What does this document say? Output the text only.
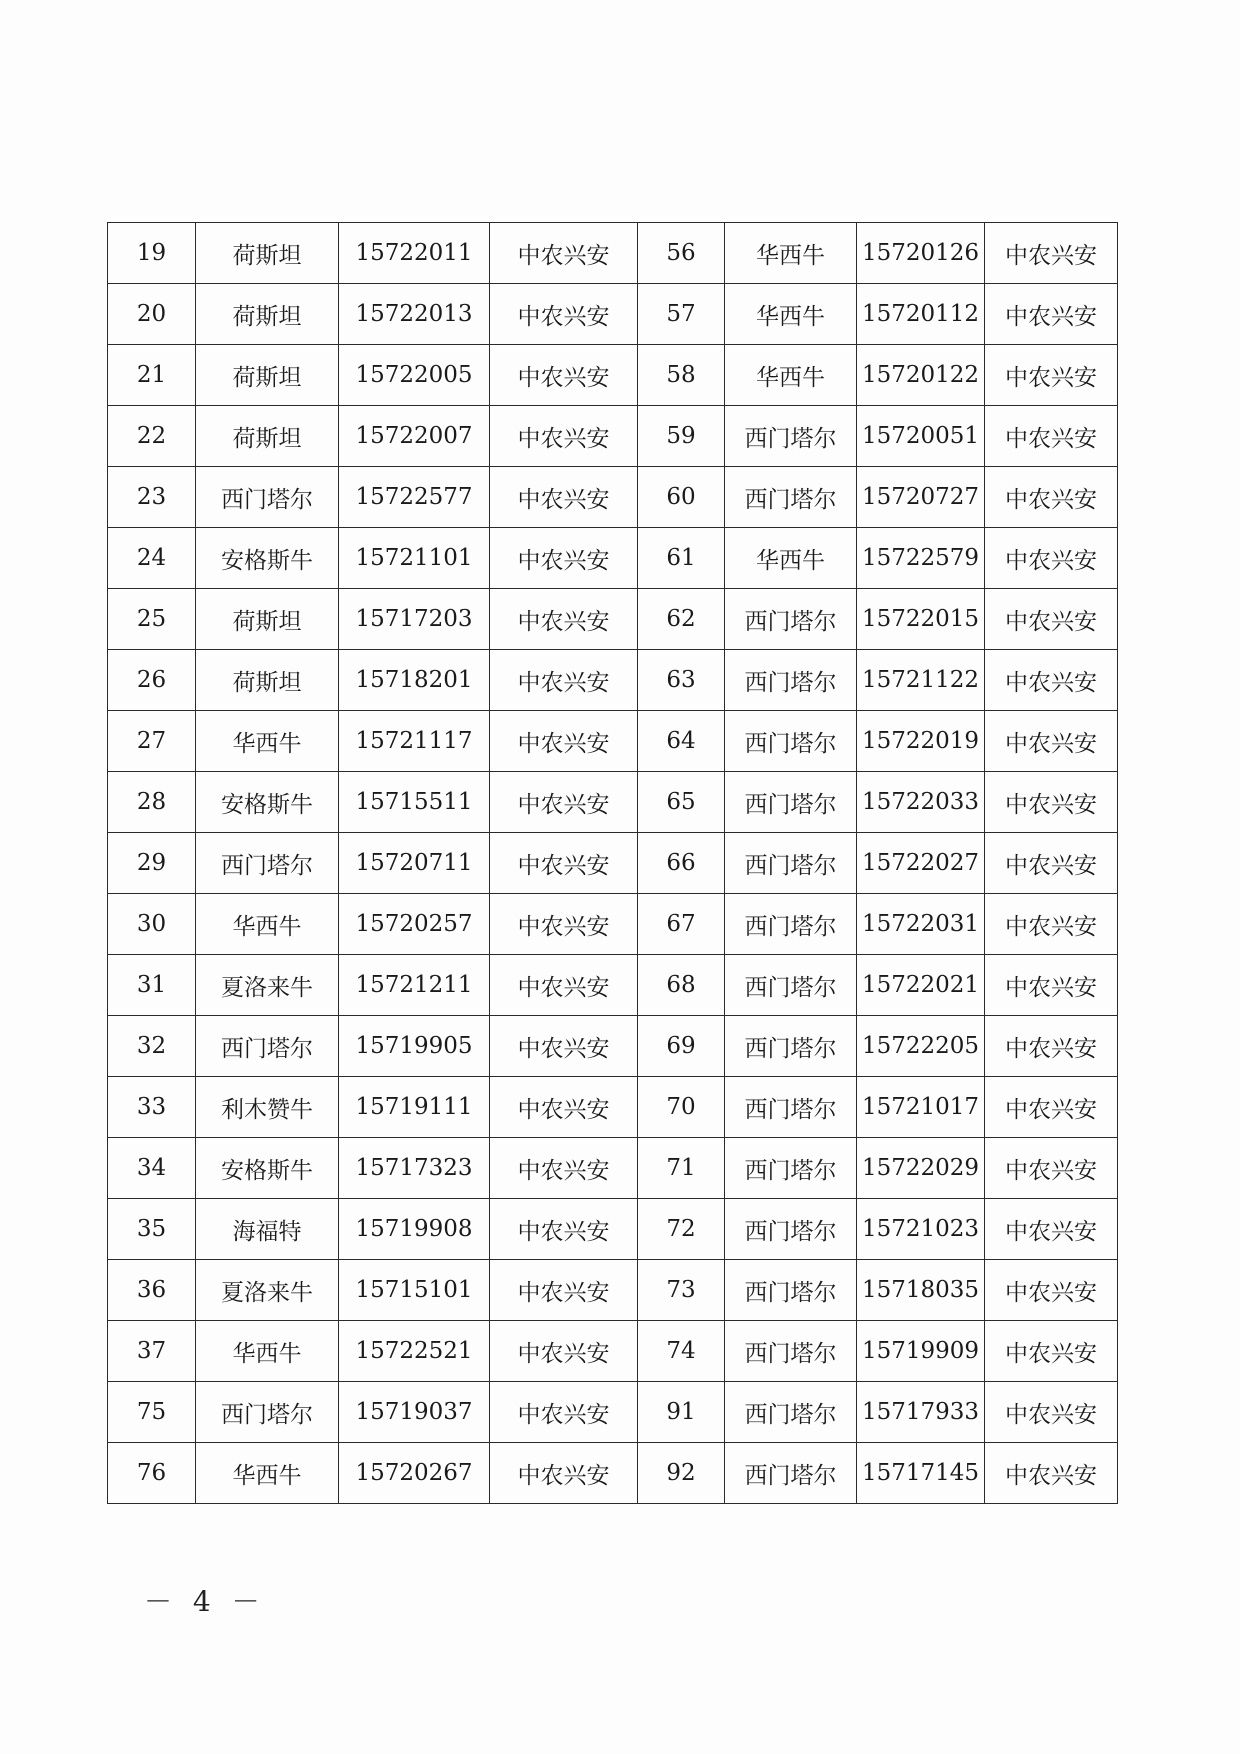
19	荷斯坦	15722011	中农兴安	56	华西牛	15720126	中农兴安
20	荷斯坦	15722013	中农兴安	57	华西牛	15720112	中农兴安
21	荷斯坦	15722005	中农兴安	58	华西牛	15720122	中农兴安
22	荷斯坦	15722007	中农兴安	59	西门塔尔	15720051	中农兴安
23	西门塔尔	15722577	中农兴安	60	西门塔尔	15720727	中农兴安
24	安格斯牛	15721101	中农兴安	61	华西牛	15722579	中农兴安
25	荷斯坦	15717203	中农兴安	62	西门塔尔	15722015	中农兴安
26	荷斯坦	15718201	中农兴安	63	西门塔尔	15721122	中农兴安
27	华西牛	15721117	中农兴安	64	西门塔尔	15722019	中农兴安
28	安格斯牛	15715511	中农兴安	65	西门塔尔	15722033	中农兴安
29	西门塔尔	15720711	中农兴安	66	西门塔尔	15722027	中农兴安
30	华西牛	15720257	中农兴安	67	西门塔尔	15722031	中农兴安
31	夏洛来牛	15721211	中农兴安	68	西门塔尔	15722021	中农兴安
32	西门塔尔	15719905	中农兴安	69	西门塔尔	15722205	中农兴安
33	利木赞牛	15719111	中农兴安	70	西门塔尔	15721017	中农兴安
34	安格斯牛	15717323	中农兴安	71	西门塔尔	15722029	中农兴安
35	海福特	15719908	中农兴安	72	西门塔尔	15721023	中农兴安
36	夏洛来牛	15715101	中农兴安	73	西门塔尔	15718035	中农兴安
37	华西牛	15722521	中农兴安	74	西门塔尔	15719909	中农兴安
75	西门塔尔	15719037	中农兴安	91	西门塔尔	15717933	中农兴安
76	华西牛	15720267	中农兴安	92	西门塔尔	15717145	中农兴安
－ 4 －
